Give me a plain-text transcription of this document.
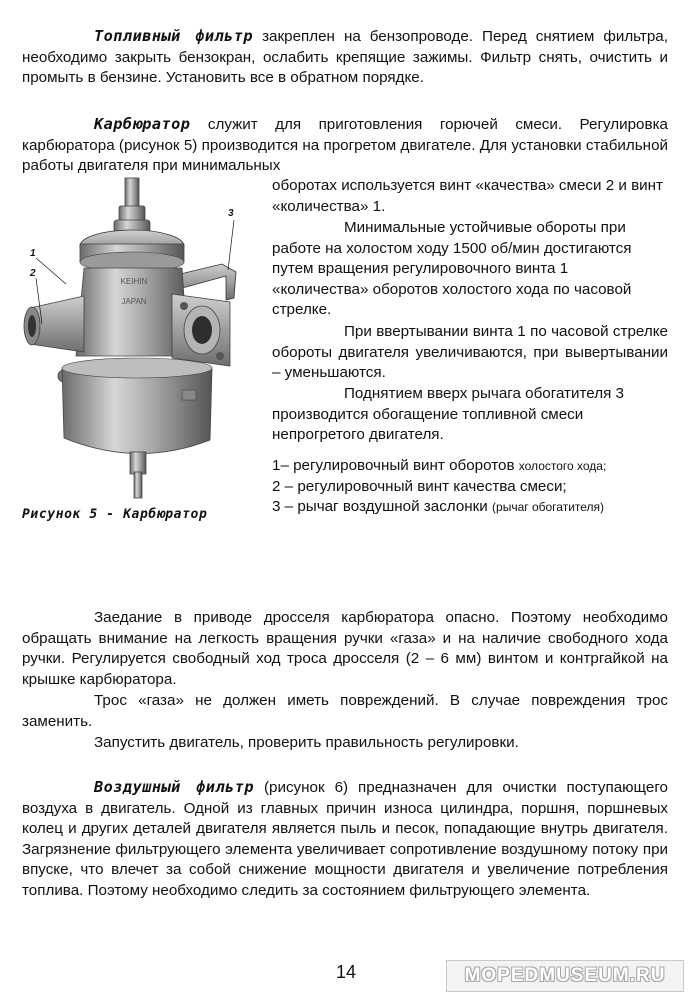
Топливный фильтр закреплен на бензопроводе. Перед снятием фильтра, необходимо закрыть бензокран, ослабить крепящие зажимы. Фильтр снять, очистить и промыть в бензине. Установить все в обратном порядке.

Карбюратор служит для приготовления горючей смеси. Регулировка карбюратора (рисунок 5) производится на прогретом двигателе. Для установки стабильной работы двигателя при минимальных

KEIHIN
JAPAN
1
2
3
Рисунок 5 - Карбюратор

оборотах используется винт «качества» смеси 2 и винт «количества» 1.

Минимальные устойчивые обороты при работе на холостом ходу 1500 об/мин достигаются путем вращения регулировочного винта 1 «количества» оборотов холостого хода по часовой стрелке.

При ввертывании винта 1 по часовой стрелке обороты двигателя увеличиваются, при вывертывании – уменьшаются.

Поднятием вверх рычага обогатителя 3 производится обогащение топливной смеси непрогретого двигателя.

1– регулировочный винт оборотов холостого хода;

2 – регулировочный винт качества смеси;

3 – рычаг воздушной заслонки (рычаг обогатителя)

Заедание в приводе дросселя карбюратора опасно. Поэтому необходимо обращать внимание на легкость вращения ручки «газа» и на наличие свободного хода ручки. Регулируется свободный ход троса дросселя (2 – 6 мм) винтом и контргайкой на крышке карбюратора.

Трос «газа» не должен иметь повреждений. В случае повреждения трос заменить.

Запустить двигатель, проверить правильность регулировки.

Воздушный фильтр (рисунок 6) предназначен для очистки поступающего воздуха в двигатель. Одной из главных причин износа цилиндра, поршня, поршневых колец и других деталей двигателя является пыль и песок, попадающие внутрь двигателя. Загрязнение фильтрующего элемента увеличивает сопротивление воздушному потоку при впуске, что влечет за собой снижение мощности двигателя и увеличение потребления топлива. Поэтому необходимо следить за состоянием фильтрующего элемента.

14	MOPEDMUSEUM.RU
